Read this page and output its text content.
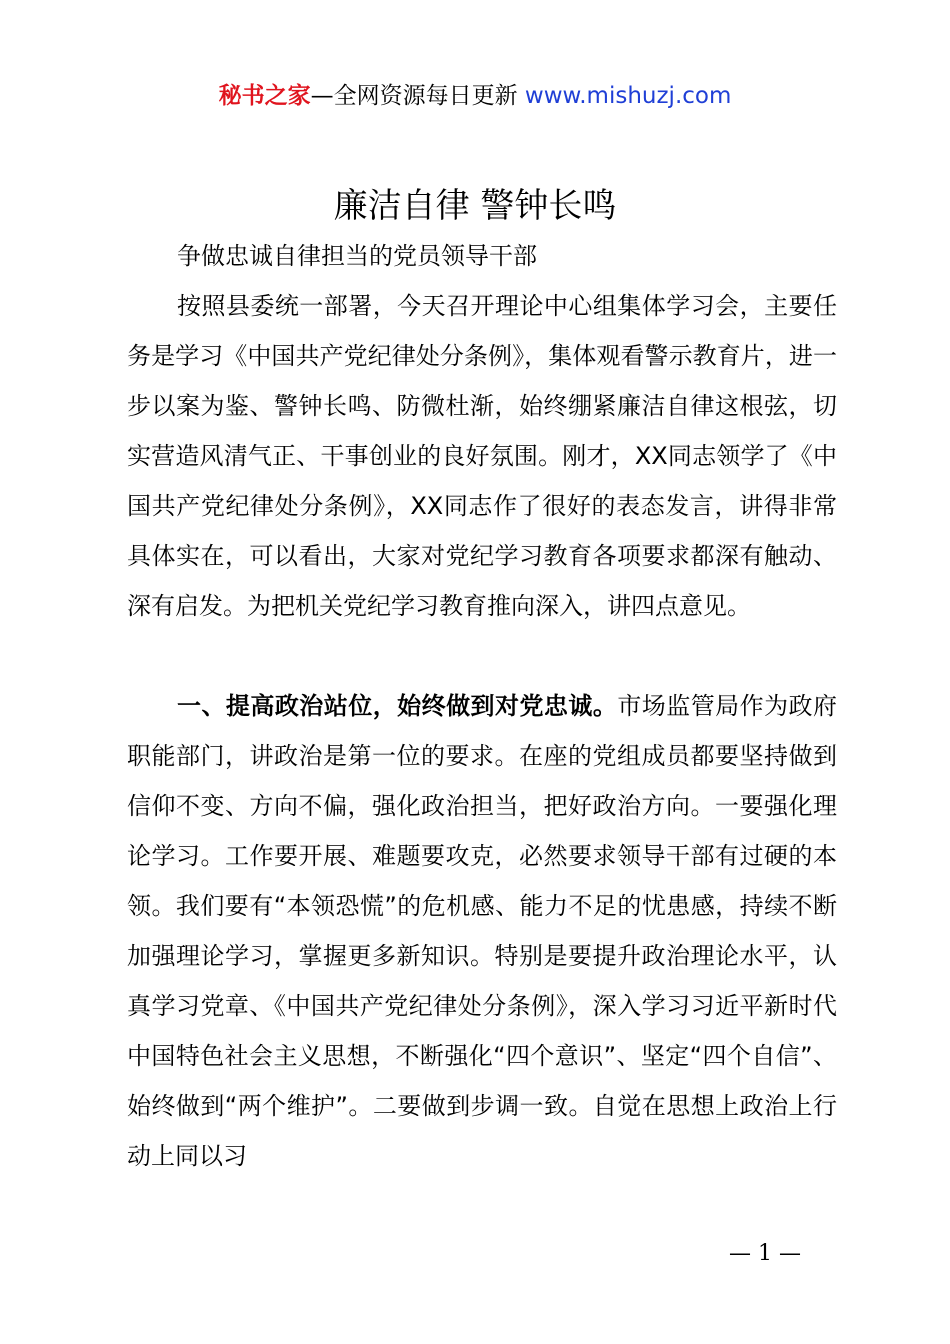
秘书之家—全网资源每日更新 www.mishuzj.com
廉洁自律 警钟长鸣

争做忠诚自律担当的党员领导干部

按照县委统一部署，今天召开理论中心组集体学习会，主要任务是学习《中国共产党纪律处分条例》，集体观看警示教育片，进一步以案为鉴、警钟长鸣、防微杜渐，始终绷紧廉洁自律这根弦，切实营造风清气正、干事创业的良好氛围。刚才，XX同志领学了《中国共产党纪律处分条例》，XX同志作了很好的表态发言，讲得非常具体实在，可以看出，大家对党纪学习教育各项要求都深有触动、深有启发。为把机关党纪学习教育推向深入，讲四点意见。

一、提高政治站位，始终做到对党忠诚。市场监管局作为政府职能部门，讲政治是第一位的要求。在座的党组成员都要坚持做到信仰不变、方向不偏，强化政治担当，把好政治方向。一要强化理论学习。工作要开展、难题要攻克，必然要求领导干部有过硬的本领。我们要有“本领恐慌”的危机感、能力不足的忧患感，持续不断加强理论学习，掌握更多新知识。特别是要提升政治理论水平，认真学习党章、《中国共产党纪律处分条例》，深入学习习近平新时代中国特色社会主义思想，不断强化“四个意识”、坚定“四个自信”、始终做到“两个维护”。二要做到步调一致。自觉在思想上政治上行动上同以习

— 1 —
